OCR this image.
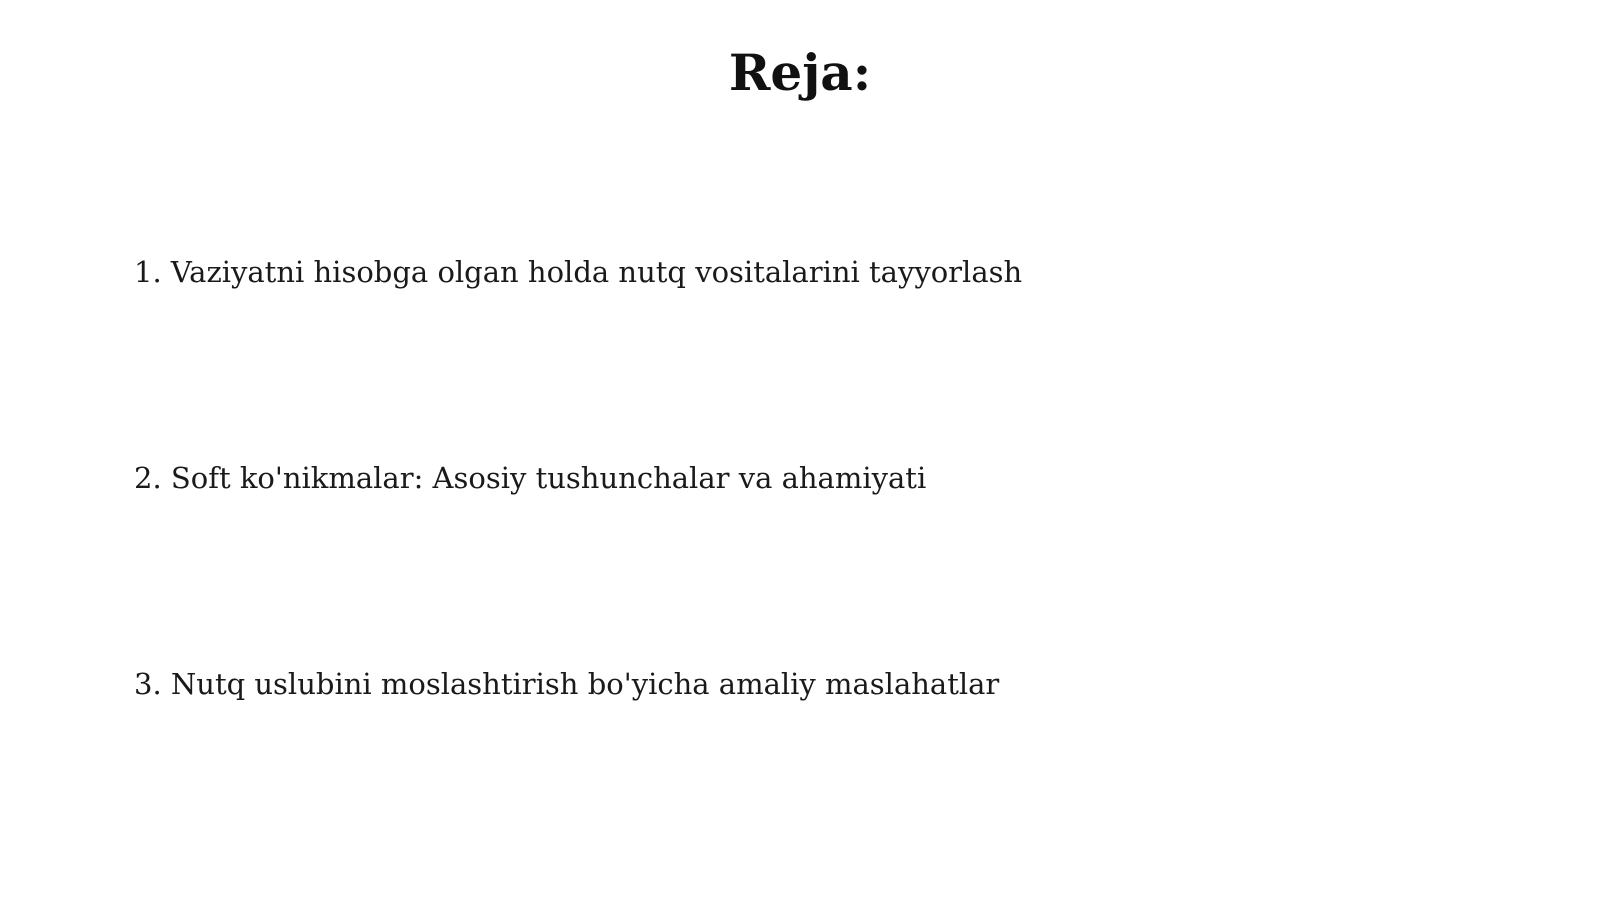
Reja:
1. Vaziyatni hisobga olgan holda nutq vositalarini tayyorlash
2. Soft ko'nikmalar: Asosiy tushunchalar va ahamiyati
3. Nutq uslubini moslashtirish bo'yicha amaliy maslahatlar
